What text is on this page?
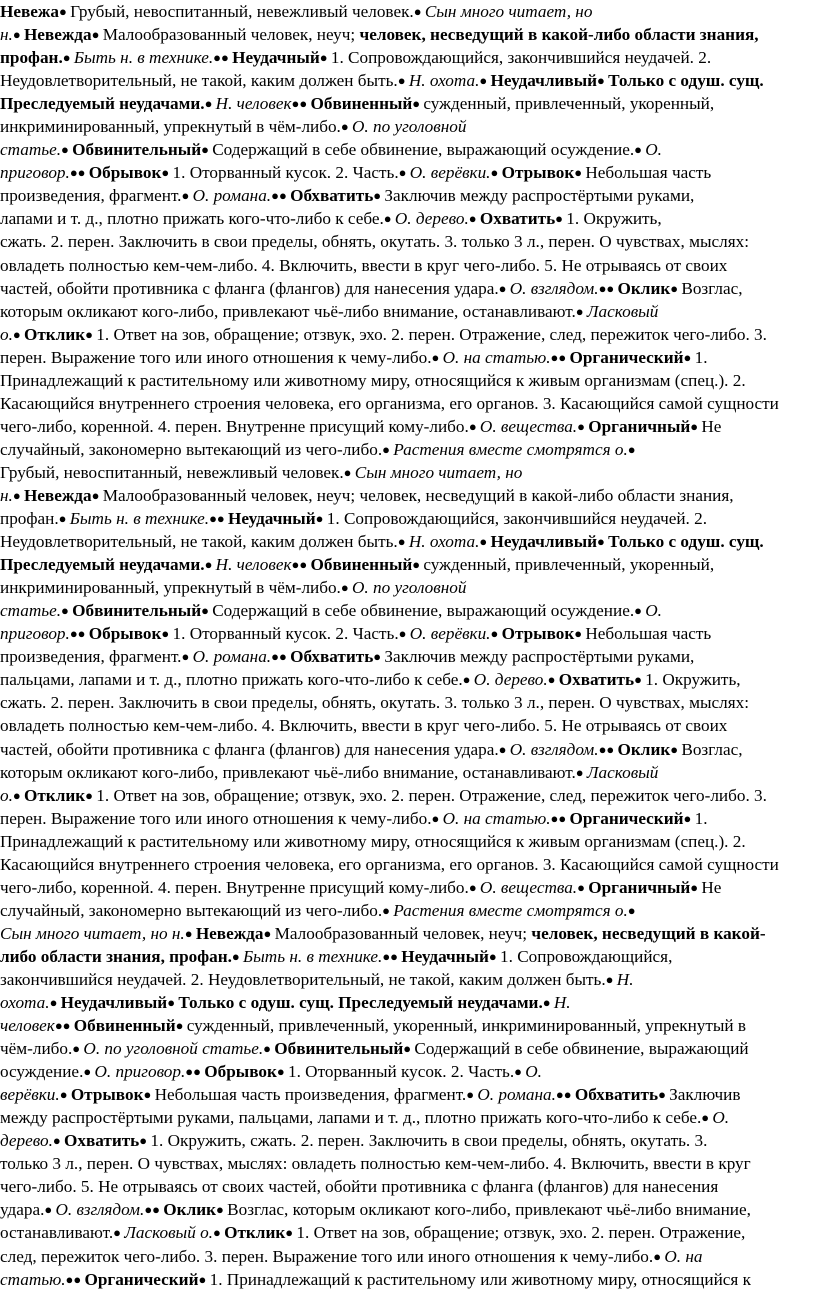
Невежа● Грубый, невоспитанный, невежливый человек.● Сын много читает, но
н.● Невежда● Малообразованный человек, неуч; человек, несведущий в какой-либо области знания,
профан.● Быть н. в технике.●● Неудачный● 1. Сопровождающийся, закончившийся неудачей. 2.
Неудовлетворительный, не такой, каким должен быть.● Н. охота.● Неудачливый● Только с одуш. сущ.
Преследуемый неудачами.● Н. человек●● Обвиненный● сужденный, привлеченный, укоренный,
инкриминированный, упрекнутый в чём-либо.● О. по уголовной
статье.● Обвинительный● Содержащий в себе обвинение, выражающий осуждение.● О.
приговор.●● Обрывок● 1. Оторванный кусок. 2. Часть.● О. верёвки.● Отрывок● Небольшая часть
произведения, фрагмент.● О. романа.●● Обхватить● Заключив между распростёртыми руками,
лапами и т. д., плотно прижать кого-что-либо к себе.● О. дерево.● Охватить● 1. Окружить,
сжать. 2. перен. Заключить в свои пределы, обнять, окутать. 3. только 3 л., перен. О чувствах, мыслях:
овладеть полностью кем-чем-либо. 4. Включить, ввести в круг чего-либо. 5. Не отрываясь от своих
частей, обойти противника с фланга (флангов) для нанесения удара.● О. взглядом.●● Оклик● Возглас,
которым окликают кого-либо, привлекают чьё-либо внимание, останавливают.● Ласковый
о.● Отклик● 1. Ответ на зов, обращение; отзвук, эхо. 2. перен. Отражение, след, пережиток чего-либо. 3.
перен. Выражение того или иного отношения к чему-либо.● О. на статью.●● Органический● 1.
Принадлежащий к растительному или животному миру, относящийся к живым организмам (спец.). 2.
Касающийся внутреннего строения человека, его организма, его органов. 3. Касающийся самой сущности
чего-либо, коренной. 4. перен. Внутренне присущий кому-либо.● О. вещества.● Органичный● Не
случайный, закономерно вытекающий из чего-либо.● Растения вместе смотрятся о.●
Грубый, невоспитанный, невежливый человек.● Сын много читает, но
н.● Невежда● Малообразованный человек, неуч; человек, несведущий в какой-либо области знания,
профан.● Быть н. в технике.●● Неудачный● 1. Сопровождающийся, закончившийся неудачей. 2.
Неудовлетворительный, не такой, каким должен быть.● Н. охота.● Неудачливый● Только с одуш. сущ.
Преследуемый неудачами.● Н. человек●● Обвиненный● сужденный, привлеченный, укоренный,
инкриминированный, упрекнутый в чём-либо.● О. по уголовной
статье.● Обвинительный● Содержащий в себе обвинение, выражающий осуждение.● О.
приговор.●● Обрывок● 1. Оторванный кусок. 2. Часть.● О. верёвки.● Отрывок● Небольшая часть
произведения, фрагмент.● О. романа.●● Обхватить● Заключив между распростёртыми руками,
пальцами, лапами и т. д., плотно прижать кого-что-либо к себе.● О. дерево.● Охватить● 1. Окружить,
сжать. 2. перен. Заключить в свои пределы, обнять, окутать. 3. только 3 л., перен. О чувствах, мыслях:
овладеть полностью кем-чем-либо. 4. Включить, ввести в круг чего-либо. 5. Не отрываясь от своих
частей, обойти противника с фланга (флангов) для нанесения удара.● О. взглядом.●● Оклик● Возглас,
которым окликают кого-либо, привлекают чьё-либо внимание, останавливают.● Ласковый
о.● Отклик● 1. Ответ на зов, обращение; отзвук, эхо. 2. перен. Отражение, след, пережиток чего-либо. 3.
перен. Выражение того или иного отношения к чему-либо.● О. на статью.●● Органический● 1.
Принадлежащий к растительному или животному миру, относящийся к живым организмам (спец.). 2.
Касающийся внутреннего строения человека, его организма, его органов. 3. Касающийся самой сущности
чего-либо, коренной. 4. перен. Внутренне присущий кому-либо.● О. вещества.● Органичный● Не
случайный, закономерно вытекающий из чего-либо.● Растения вместе смотрятся о.●
Сын много читает, но н.● Невежда● Малообразованный человек, неуч; человек, несведущий в какой-
либо области знания, профан.● Быть н. в технике.●● Неудачный● 1. Сопровождающийся,
закончившийся неудачей. 2. Неудовлетворительный, не такой, каким должен быть.● Н.
охота.● Неудачливый● Только с одуш. сущ. Преследуемый неудачами.● Н.
человек●● Обвиненный● сужденный, привлеченный, укоренный, инкриминированный, упрекнутый в
чём-либо.● О. по уголовной статье.● Обвинительный● Содержащий в себе обвинение, выражающий
осуждение.● О. приговор.●● Обрывок● 1. Оторванный кусок. 2. Часть.● О.
верёвки.● Отрывок● Небольшая часть произведения, фрагмент.● О. романа.●● Обхватить● Заключив
между распростёртыми руками, пальцами, лапами и т. д., плотно прижать кого-что-либо к себе.● О.
дерево.● Охватить● 1. Окружить, сжать. 2. перен. Заключить в свои пределы, обнять, окутать. 3.
только 3 л., перен. О чувствах, мыслях: овладеть полностью кем-чем-либо. 4. Включить, ввести в круг
чего-либо. 5. Не отрываясь от своих частей, обойти противника с фланга (флангов) для нанесения
удара.● О. взглядом.●● Оклик● Возглас, которым окликают кого-либо, привлекают чьё-либо внимание,
останавливают.● Ласковый о.● Отклик● 1. Ответ на зов, обращение; отзвук, эхо. 2. перен. Отражение,
след, пережиток чего-либо. 3. перен. Выражение того или иного отношения к чему-либо.● О. на
статью.●● Органический● 1. Принадлежащий к растительному или животному миру, относящийся к
